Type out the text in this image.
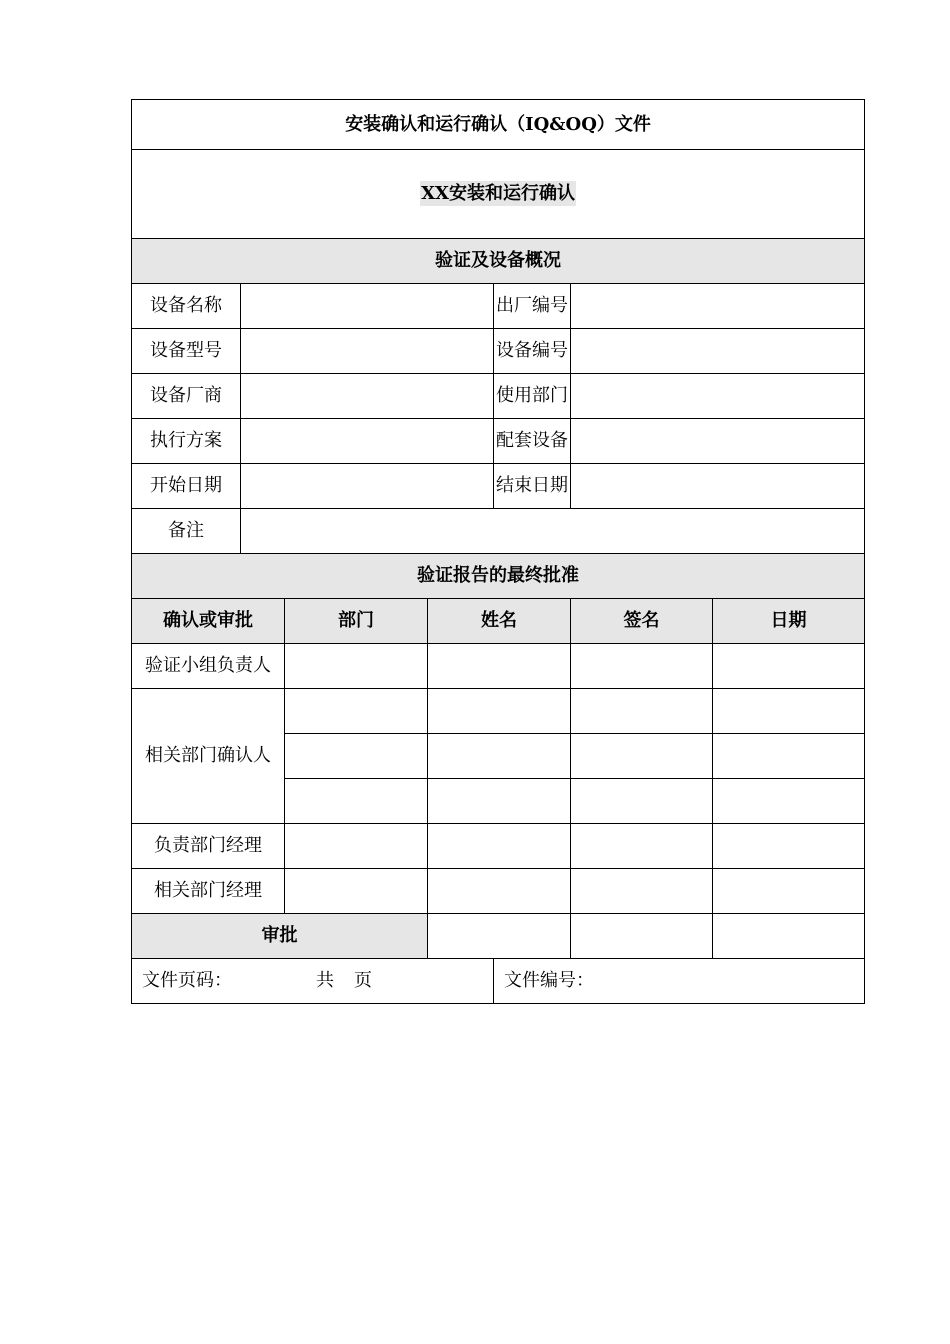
安装确认和运行确认（IQ&OQ）文件						
XX安装和运行确认						
验证及设备概况						
设备名称				出厂编号		
设备型号				设备编号		
设备厂商				使用部门		
执行方案				配套设备		
开始日期				结束日期		
备注						
验证报告的最终批准						
确认或审批		部门	姓名		签名	日期
验证小组负责人						
相关部门确认人						

负责部门经理						
相关部门经理						
审批						
文件页码： 共 页				文件编号：		
